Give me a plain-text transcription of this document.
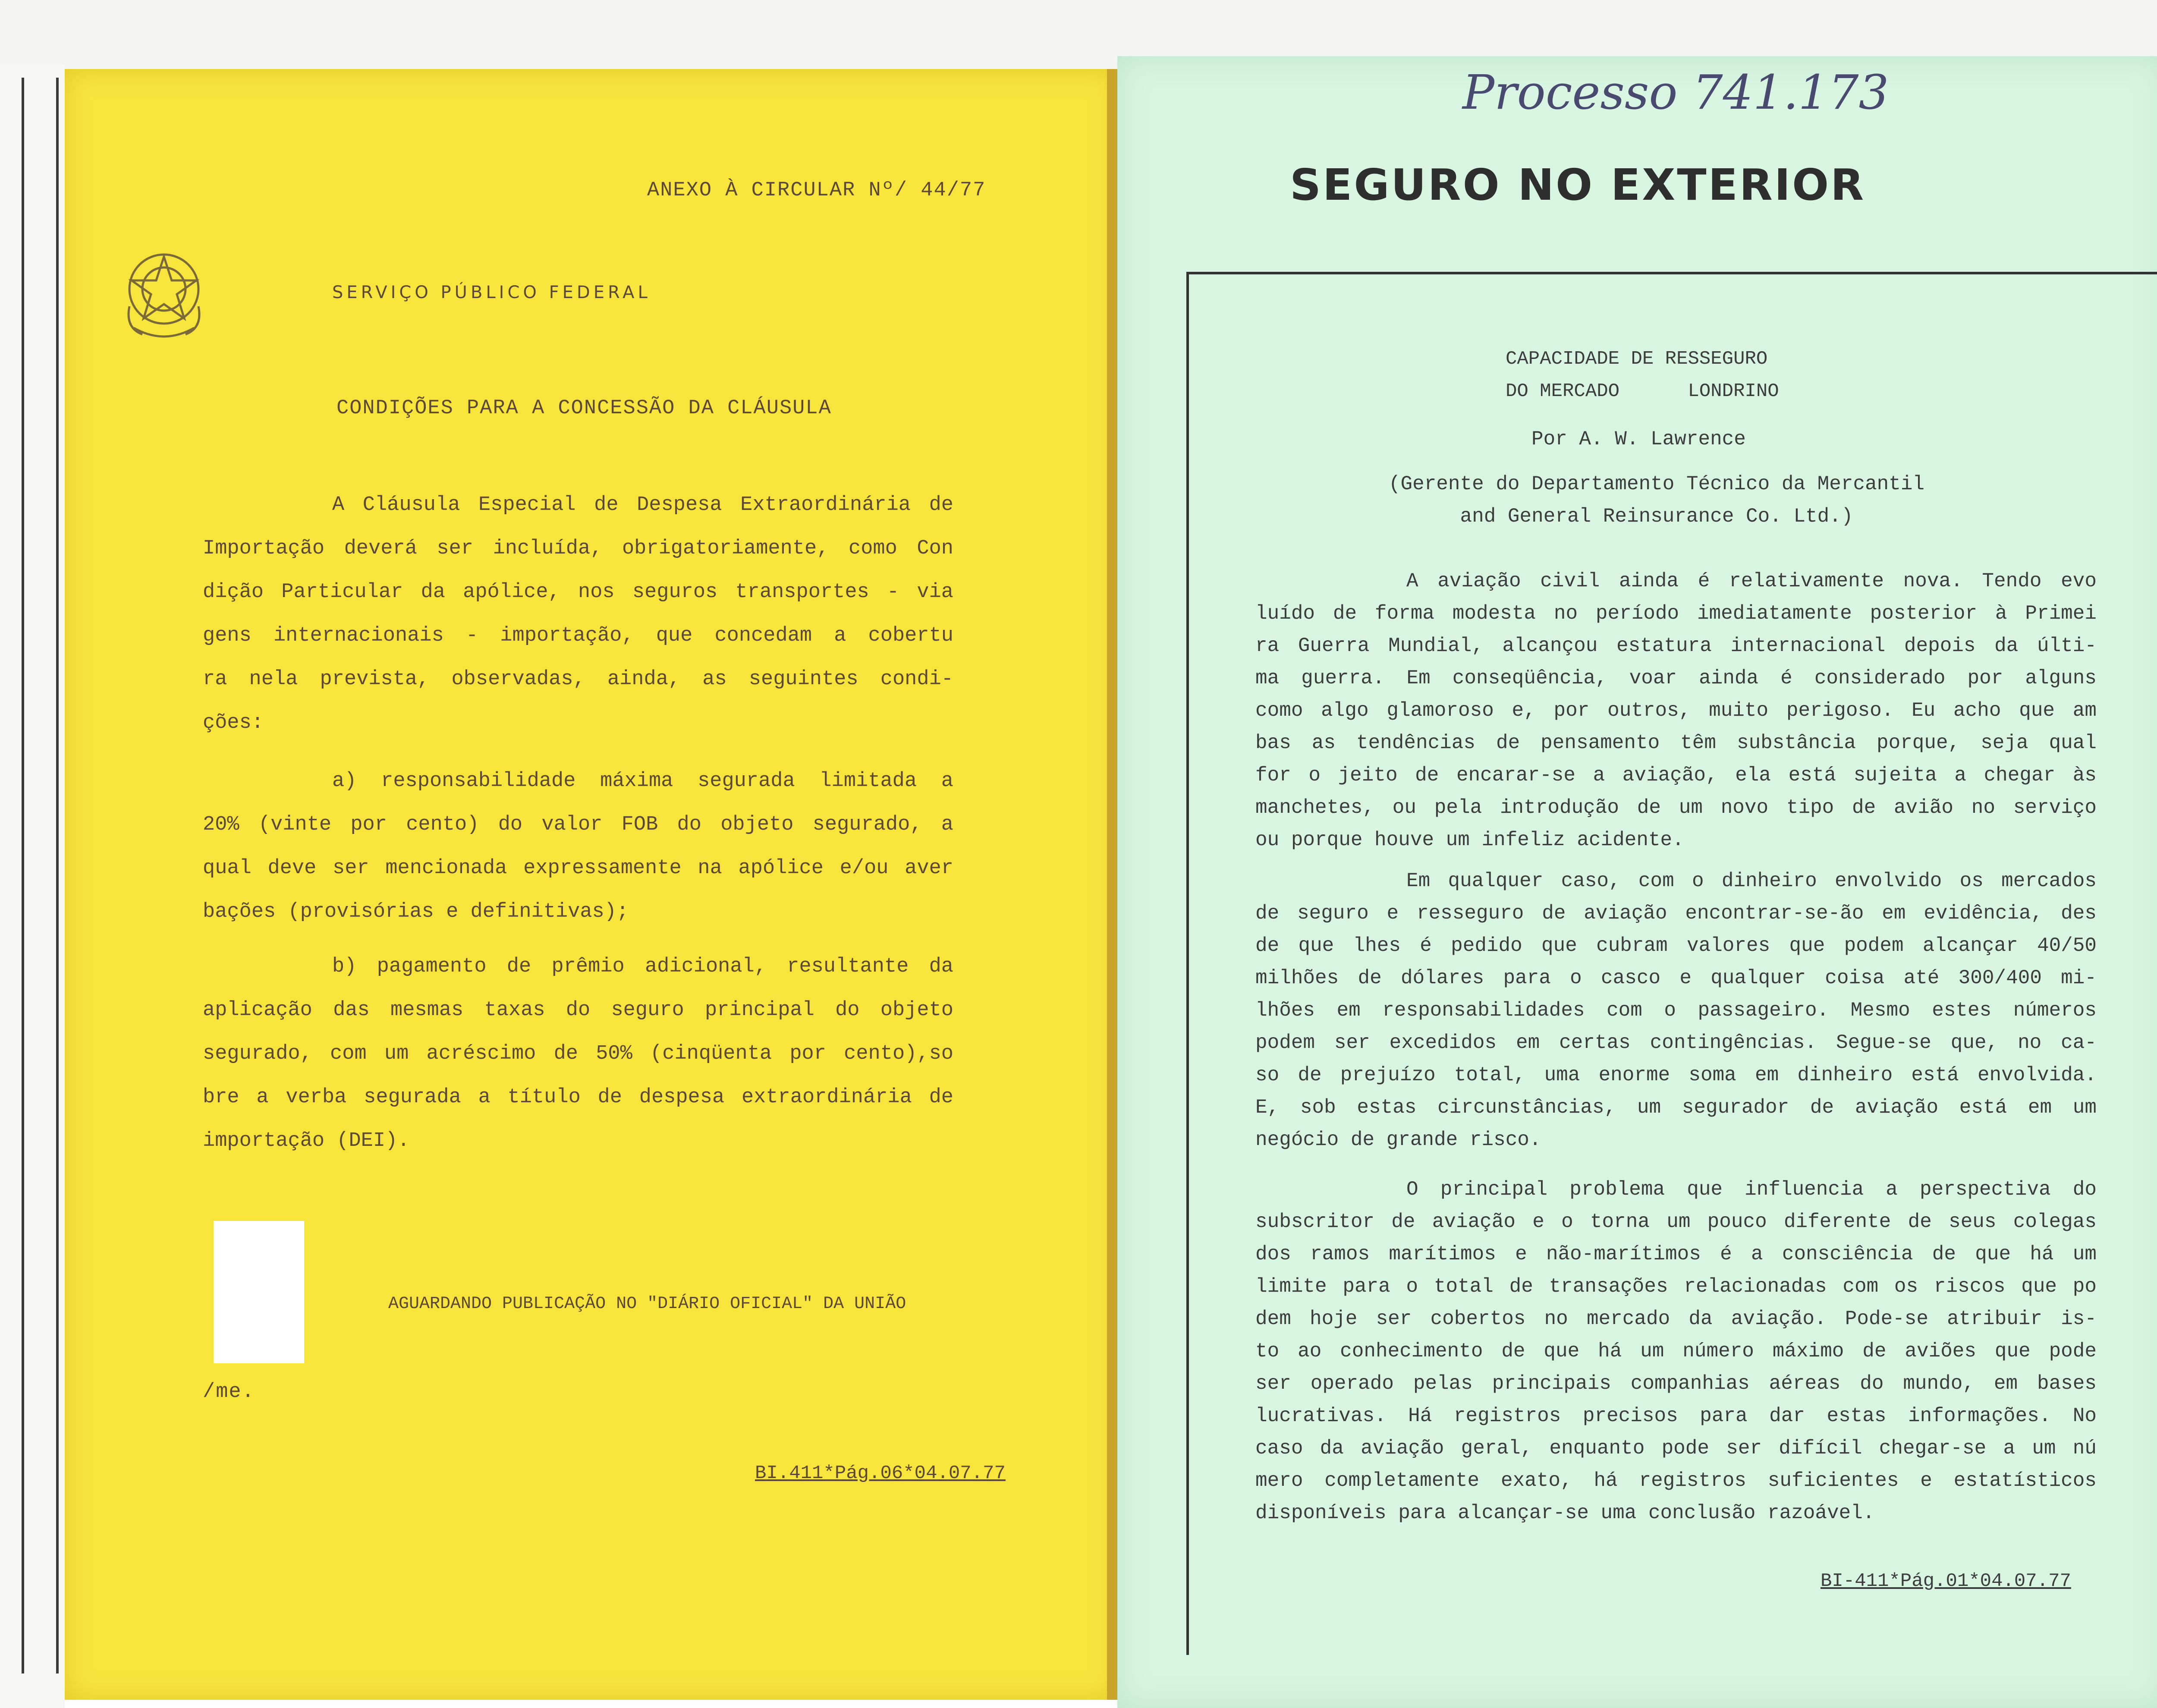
ANEXO À CIRCULAR Nº/ 44/77
SERVIÇO PÚBLICO FEDERAL
CONDIÇÕES PARA A CONCESSÃO DA CLÁUSULA

A Cláusula Especial de Despesa Extraordinária de

Importação deverá ser incluída, obrigatoriamente, como Con

dição Particular da apólice, nos seguros transportes - via

gens internacionais - importação, que concedam a cobertu

ra nela prevista, observadas, ainda, as seguintes condi-

ções:

a) responsabilidade máxima segurada limitada a

20% (vinte por cento) do valor FOB do objeto segurado, a

qual deve ser mencionada expressamente na apólice e/ou aver

bações (provisórias e definitivas);

b) pagamento de prêmio adicional, resultante da

aplicação das mesmas taxas do seguro principal do objeto

segurado, com um acréscimo de 50% (cinqüenta por cento),so

bre a verba segurada a título de despesa extraordinária de

importação (DEI).

AGUARDANDO PUBLICAÇÃO NO "DIÁRIO OFICIAL" DA UNIÃO
/me.
BI.411*Pág.06*04.07.77
Processo 741.173
SEGURO NO EXTERIOR
CAPACIDADE DE RESSEGURO
DO MERCADO      LONDRINO
Por A. W. Lawrence
(Gerente do Departamento Técnico da Mercantil
and General Reinsurance Co. Ltd.)

A aviação civil ainda é relativamente nova. Tendo evo

luído de forma modesta no período imediatamente posterior à Primei

ra Guerra Mundial, alcançou estatura internacional depois da últi-

ma guerra. Em conseqüência, voar ainda é considerado por alguns

como algo glamoroso e, por outros, muito perigoso. Eu acho que am

bas as tendências de pensamento têm substância porque, seja qual

for o jeito de encarar-se a aviação, ela está sujeita a chegar às

manchetes, ou pela introdução de um novo tipo de avião no serviço

ou porque houve um infeliz acidente.

Em qualquer caso, com o dinheiro envolvido os mercados

de seguro e resseguro de aviação encontrar-se-ão em evidência, des

de que lhes é pedido que cubram valores que podem alcançar 40/50

milhões de dólares para o casco e qualquer coisa até 300/400 mi-

lhões em responsabilidades com o passageiro. Mesmo estes números

podem ser excedidos em certas contingências. Segue-se que, no ca-

so de prejuízo total, uma enorme soma em dinheiro está envolvida.

E, sob estas circunstâncias, um segurador de aviação está em um

negócio de grande risco.

O principal problema que influencia a perspectiva do

subscritor de aviação e o torna um pouco diferente de seus colegas

dos ramos marítimos e não-marítimos é a consciência de que há um

limite para o total de transações relacionadas com os riscos que po

dem hoje ser cobertos no mercado da aviação. Pode-se atribuir is-

to ao conhecimento de que há um número máximo de aviões que pode

ser operado pelas principais companhias aéreas do mundo, em bases

lucrativas. Há registros precisos para dar estas informações. No

caso da aviação geral, enquanto pode ser difícil chegar-se a um nú

mero completamente exato, há registros suficientes e estatísticos

disponíveis para alcançar-se uma conclusão razoável.

BI-411*Pág.01*04.07.77
